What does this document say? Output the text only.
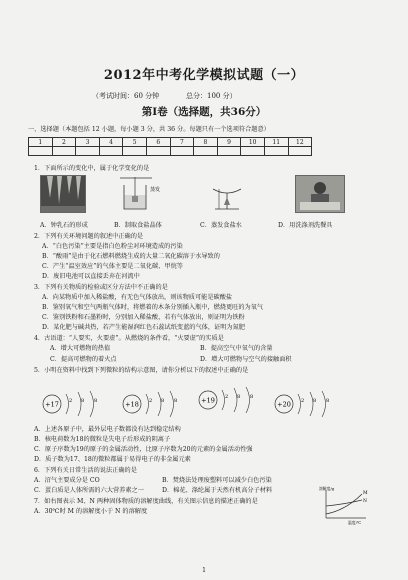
2012年中考化学模拟试题（一）
（考试时间：60 分钟	总分：100 分）
第Ⅰ卷（选择题，共36分）
一、选择题（本题包括 12 小题，每小题 3 分，共 36 分。每题只有一个选项符合题意）
1	2	3	4	5	6	7	8	9	10	11	12

1．下面所示的变化中，属于化学变化的是
蒸发
A．钟乳石的形成	B．制取食盐晶体	C．蒸发食盐水	D．用洗涤剂洗餐具
2．下列有关环境问题的叙述中正确的是
A．“白色污染”主要是指白色粉尘对环境造成的污染
B．“酸雨”是由于化石燃料燃烧生成的大量二氧化碳溶于水导致的
C．产生“温室效应”的气体主要是二氧化碳、甲烷等
D．废旧电池可以直接丢弃在河流中
3．下列有关物质的检验或区分方法中不正确的是
A．向某物质中加入稀盐酸，有无色气体放出，则该物质可能是碳酸盐
B．鉴别氧气和空气两瓶气体时，将燃着的木条分别插入瓶中，燃烧更旺的为氧气
C．鉴别铁粉和石墨粉时，分别加入稀盐酸，若有气体放出，则证明为铁粉
D．某化肥与碱共热，若产生能湿润红色石蕊试纸变蓝的气体，证明为氮肥
4．古语道：“人要实，火要虚”。从燃烧的条件看，“火要虚”的实质是
A．增大可燃物的热值	B．提高空气中氧气的含量
C．提高可燃物的着火点	D．增大可燃物与空气的接触面积
5．小明在资料中找到下列微粒的结构示意图，请你分析以下的叙述中正确的是
+17 2 8 8	+18 2 8 8	+19 2 8 8
+20 2 8 8
A．上述各原子中，最外层电子数都没有达到稳定结构
B．核电荷数为18的微粒是失电子后形成的阴离子
C．原子序数为19的原子的金属活动性，比原子序数为20的元素的金属活动性强
D．质子数为17、18的微粒都属于易得电子的非金属元素
6．下列有关日常生活的说法正确的是
A．沼气主要成分是 CO	B．焚烧法处理废塑料可以减少白色污染
C．蛋白质是人体所需的六大营养素之一	D．棉花、涤纶属于天然有机高分子材料
7．如右图表示 M、N 两种固体物质的溶解度曲线，有关图示信息的描述正确的是
A．30℃时 M 的溶解度小于 N 的溶解度
M
N
溶解度/g
温度/℃
1
